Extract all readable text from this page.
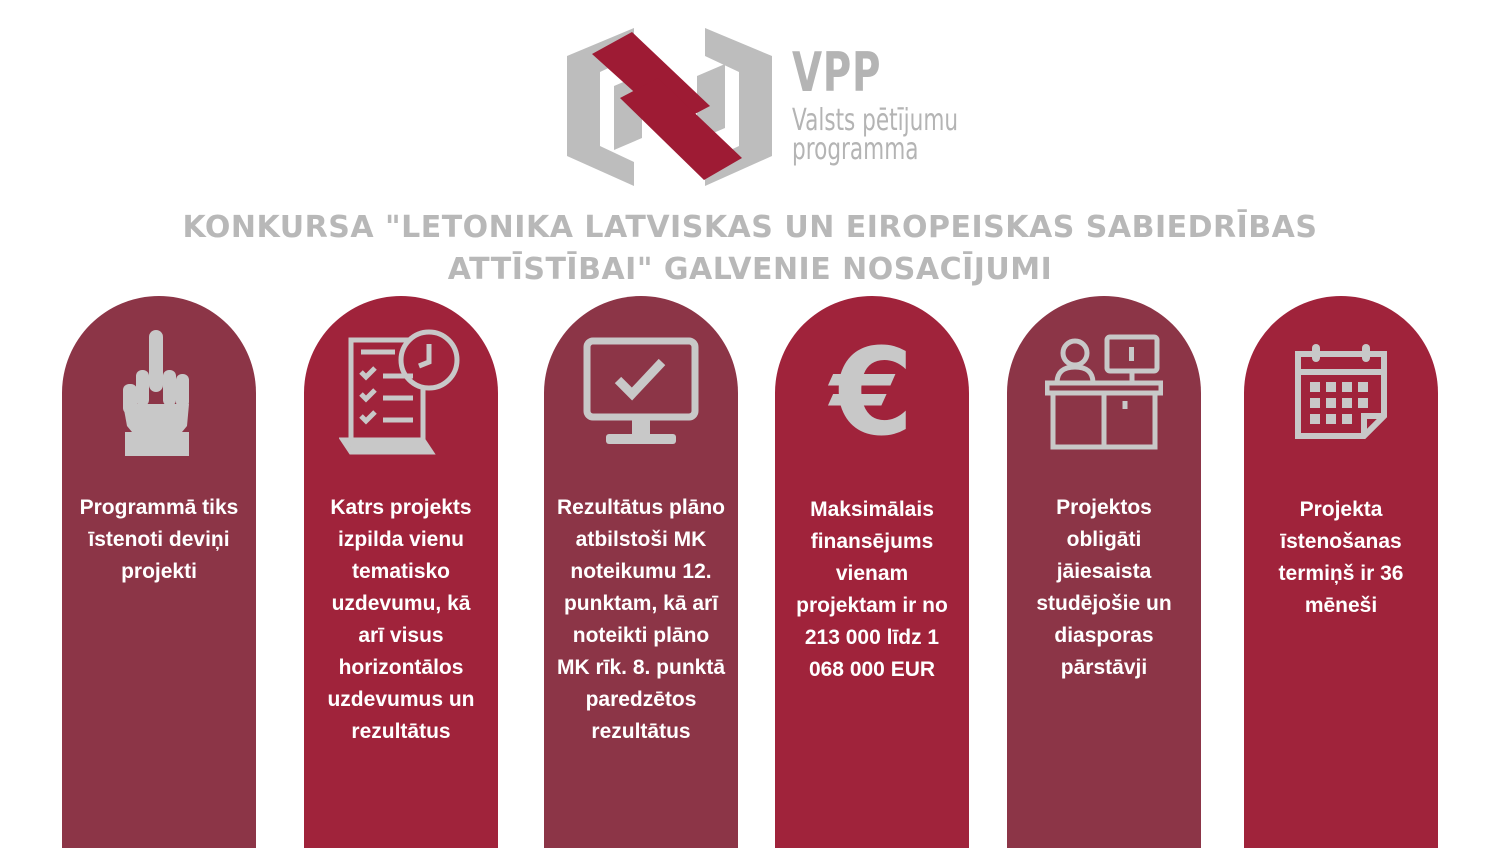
VPP
Valsts pētījumu
programma
KONKURSA "LETONIKA LATVISKAS UN EIROPEISKAS SABIEDRĪBAS ATTĪSTĪBAI" GALVENIE NOSACĪJUMI

Programmā tiks īstenoti deviņi projekti

Katrs projekts izpilda vienu tematisko uzdevumu, kā arī visus horizontālos uzdevumus un rezultātus

Rezultātus plāno atbilstoši MK noteikumu 12. punktam, kā arī noteikti plāno MK rīk. 8. punktā paredzētos rezultātus

€

Maksimālais finansējums vienam projektam ir no 213 000 līdz 1 068 000 EUR

Projektos obligāti jāiesaista studējošie un diasporas pārstāvji

Projekta īstenošanas termiņš ir 36 mēneši
